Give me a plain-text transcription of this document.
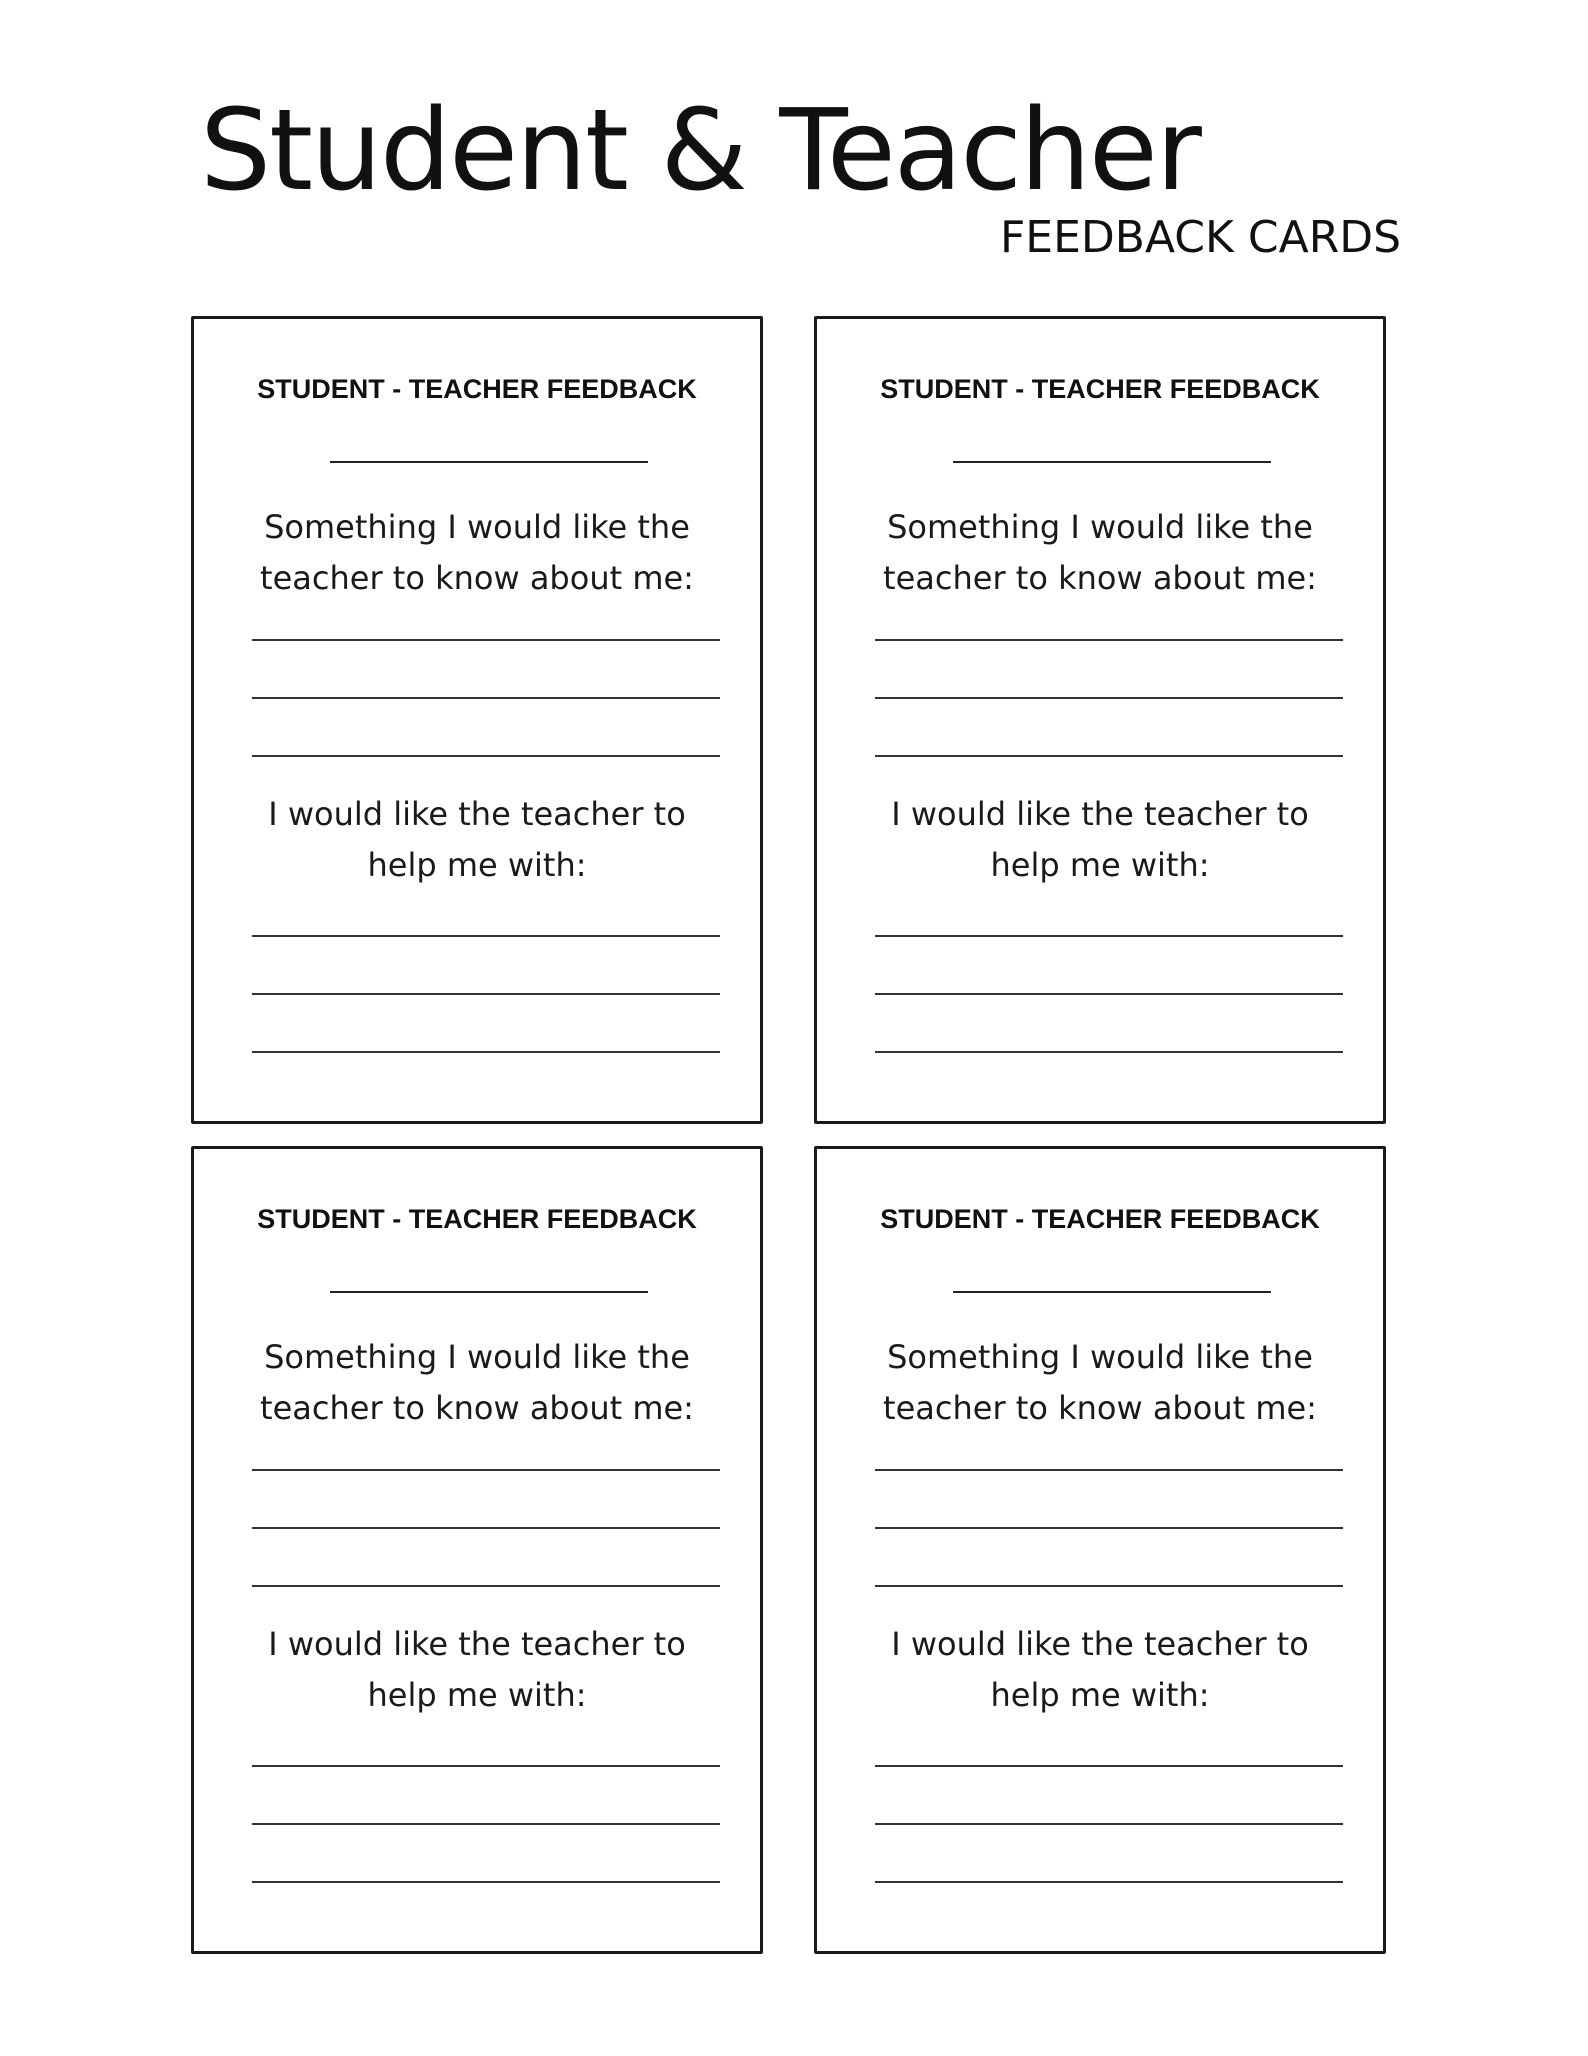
Student & Teacher
FEEDBACK CARDS
STUDENT - TEACHER FEEDBACK
Something I would like the
teacher to know about me:
I would like the teacher to
help me with:
STUDENT - TEACHER FEEDBACK
Something I would like the
teacher to know about me:
I would like the teacher to
help me with:
STUDENT - TEACHER FEEDBACK
Something I would like the
teacher to know about me:
I would like the teacher to
help me with:
STUDENT - TEACHER FEEDBACK
Something I would like the
teacher to know about me:
I would like the teacher to
help me with:
